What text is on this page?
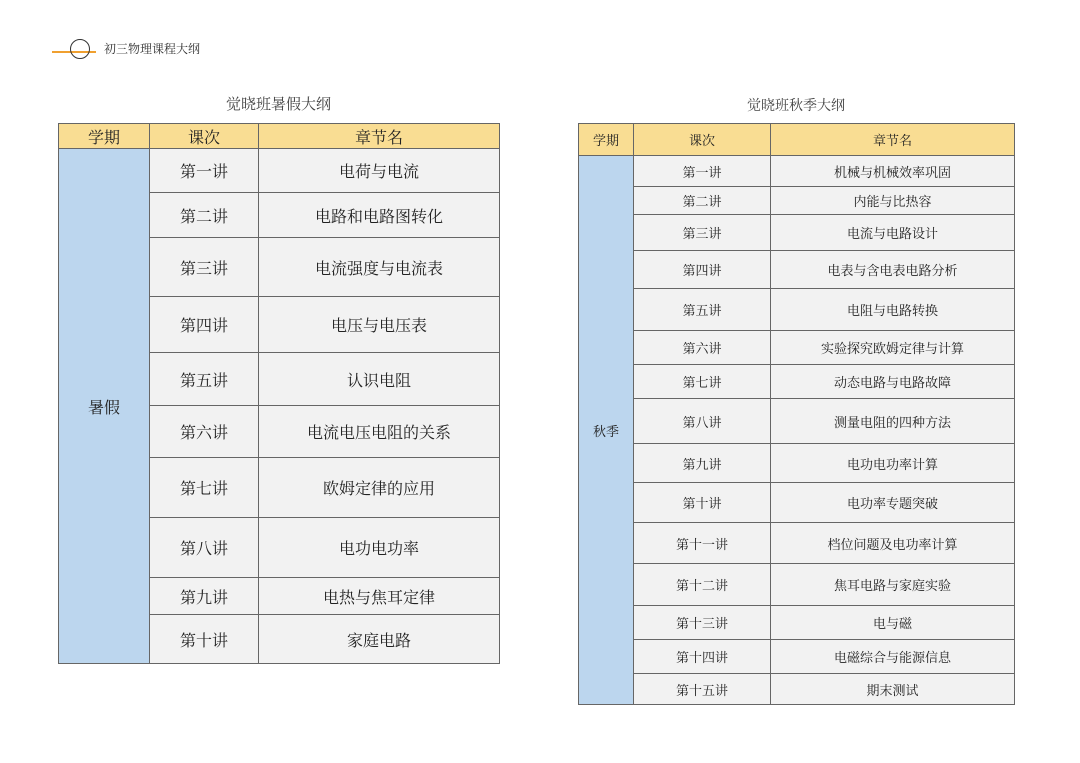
初三物理课程大纲
觉晓班暑假大纲
学期	课次	章节名
暑假	第一讲	电荷与电流
	第二讲	电路和电路图转化
	第三讲	电流强度与电流表
	第四讲	电压与电压表
	第五讲	认识电阻
	第六讲	电流电压电阻的关系
	第七讲	欧姆定律的应用
	第八讲	电功电功率
	第九讲	电热与焦耳定律
	第十讲	家庭电路
觉晓班秋季大纲
学期	课次	章节名
秋季	第一讲	机械与机械效率巩固
	第二讲	内能与比热容
	第三讲	电流与电路设计
	第四讲	电表与含电表电路分析
	第五讲	电阻与电路转换
	第六讲	实验探究欧姆定律与计算
	第七讲	动态电路与电路故障
	第八讲	测量电阻的四种方法
	第九讲	电功电功率计算
	第十讲	电功率专题突破
	第十一讲	档位问题及电功率计算
	第十二讲	焦耳电路与家庭实验
	第十三讲	电与磁
	第十四讲	电磁综合与能源信息
	第十五讲	期末测试
